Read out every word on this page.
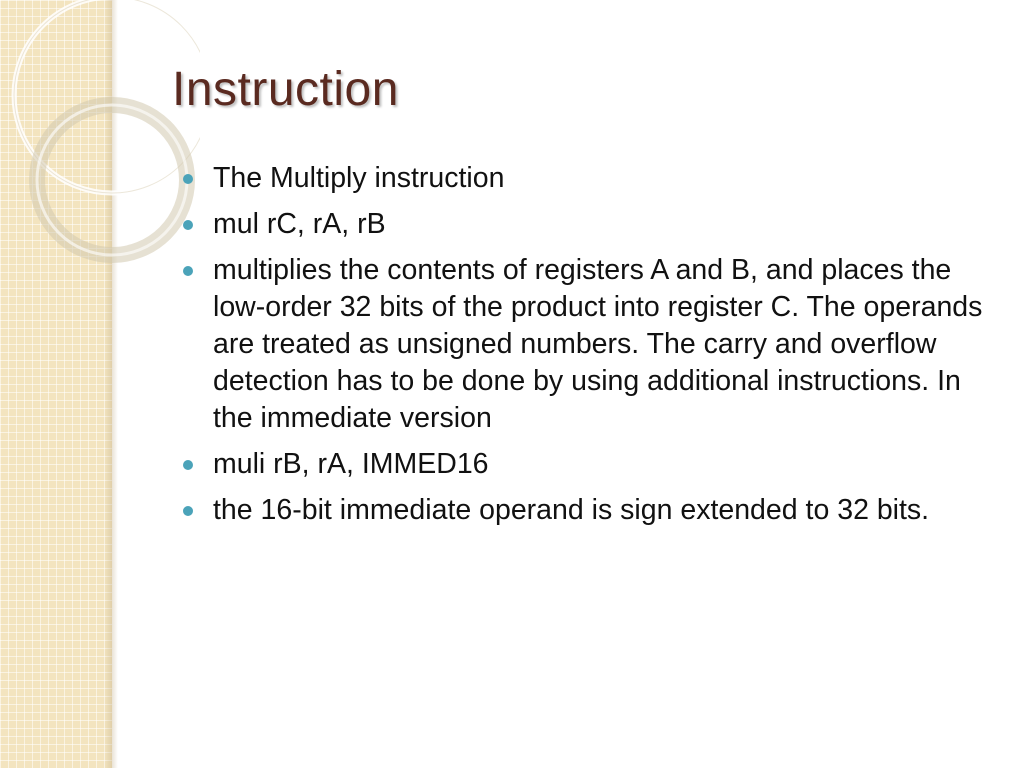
Instruction
The Multiply instruction
mul rC, rA, rB
multiplies the contents of registers A and B, and places the low-order 32 bits of the product into register C. The operands are treated as unsigned numbers. The carry and overflow detection has to be done by using additional instructions. In the immediate version
muli rB, rA, IMMED16
the 16-bit immediate operand is sign extended to 32 bits.
